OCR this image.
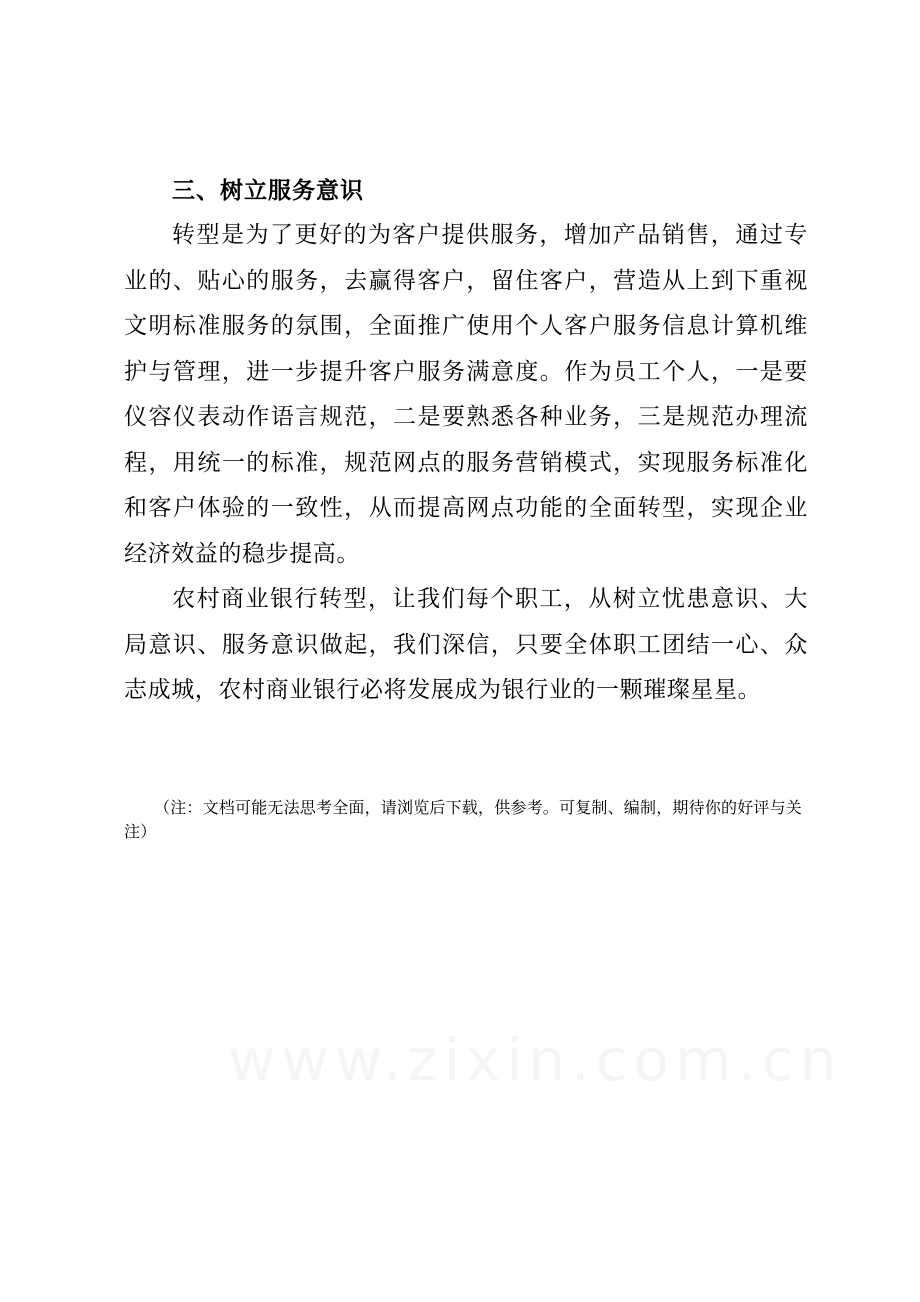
三、树立服务意识

转型是为了更好的为客户提供服务，增加产品销售，通过专业的、贴心的服务，去赢得客户，留住客户，营造从上到下重视文明标准服务的氛围，全面推广使用个人客户服务信息计算机维护与管理，进一步提升客户服务满意度。作为员工个人，一是要仪容仪表动作语言规范，二是要熟悉各种业务，三是规范办理流程，用统一的标准，规范网点的服务营销模式，实现服务标准化和客户体验的一致性，从而提高网点功能的全面转型，实现企业经济效益的稳步提高。

农村商业银行转型，让我们每个职工，从树立忧患意识、大局意识、服务意识做起，我们深信，只要全体职工团结一心、众志成城，农村商业银行必将发展成为银行业的一颗璀璨星星。

（注：文档可能无法思考全面，请浏览后下载，供参考。可复制、编制，期待你的好评与关注）

www.zixin.com.cn
